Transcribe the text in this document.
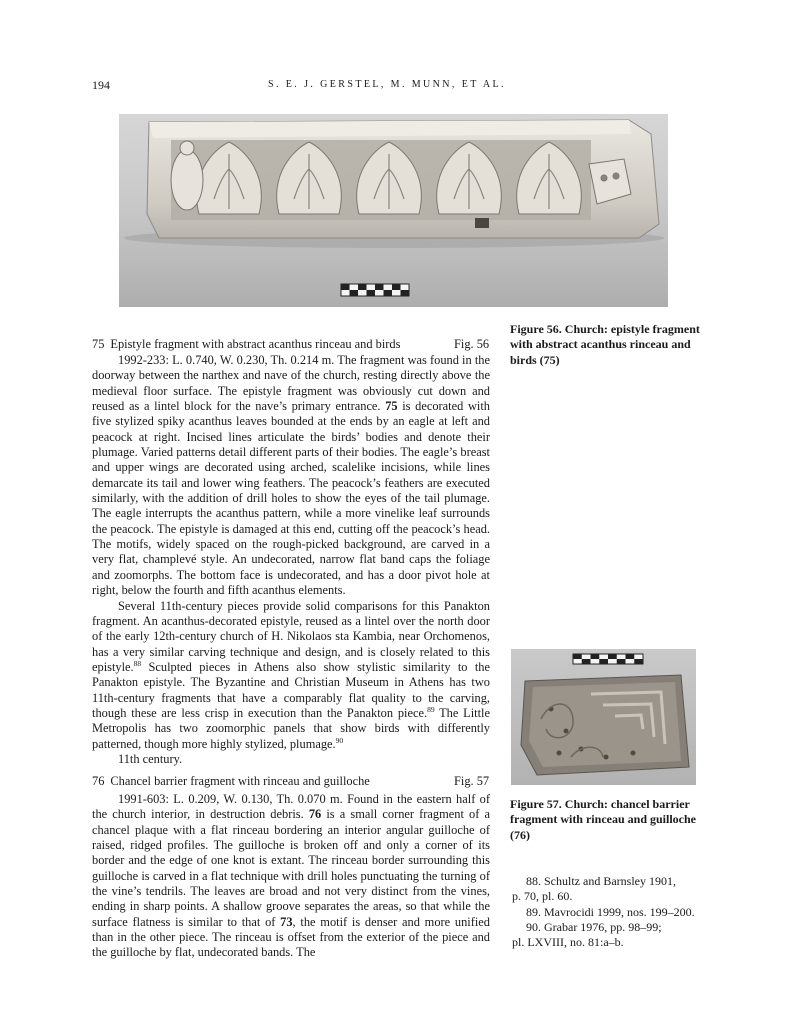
194	S. E. J. GERSTEL, M. MUNN, ET AL.
Figure 56. Church: epistyle fragment with abstract acanthus rinceau and birds (75)
75 Epistyle fragment with abstract acanthus rinceau and birds	Fig. 56

1992-233: L. 0.740, W. 0.230, Th. 0.214 m. The fragment was found in the doorway between the narthex and nave of the church, resting directly above the medieval floor surface. The epistyle fragment was obviously cut down and reused as a lintel block for the nave’s primary entrance. 75 is decorated with five stylized spiky acanthus leaves bounded at the ends by an eagle at left and peacock at right. Incised lines articulate the birds’ bodies and denote their plumage. Varied patterns detail different parts of their bodies. The eagle’s breast and upper wings are decorated using arched, scalelike incisions, while lines demarcate its tail and lower wing feathers. The peacock’s feathers are executed similarly, with the addition of drill holes to show the eyes of the tail plumage. The eagle interrupts the acanthus pattern, while a more vinelike leaf surrounds the peacock. The epistyle is damaged at this end, cutting off the peacock’s head. The motifs, widely spaced on the rough-picked background, are carved in a very flat, champlevé style. An undecorated, narrow flat band caps the foliage and zoomorphs. The bottom face is undecorated, and has a door pivot hole at right, below the fourth and fifth acanthus elements.

Several 11th-century pieces provide solid comparisons for this Panakton fragment. An acanthus-decorated epistyle, reused as a lintel over the north door of the early 12th-century church of H. Nikolaos sta Kambia, near Orchomenos, has a very similar carving technique and design, and is closely related to this epistyle.$^{88}$ Sculpted pieces in Athens also show stylistic similarity to the Panakton epistyle. The Byzantine and Christian Museum in Athens has two 11th-century fragments that have a comparably flat quality to the carving, though these are less crisp in execution than the Panakton piece.$^{89}$ The Little Metropolis has two zoomorphic panels that show birds with differently patterned, though more highly stylized, plumage.$^{90}$

11th century.

Figure 57. Church: chancel barrier fragment with rinceau and guilloche (76)
76 Chancel barrier fragment with rinceau and guilloche	Fig. 57

1991-603: L. 0.209, W. 0.130, Th. 0.070 m. Found in the eastern half of the church interior, in destruction debris. 76 is a small corner fragment of a chancel plaque with a flat rinceau bordering an interior angular guilloche of raised, ridged profiles. The guilloche is broken off and only a corner of its border and the edge of one knot is extant. The rinceau border surrounding this guilloche is carved in a flat technique with drill holes punctuating the turning of the vine’s tendrils. The leaves are broad and not very distinct from the vines, ending in sharp points. A shallow groove separates the areas, so that while the surface flatness is similar to that of 73, the motif is denser and more unified than in the other piece. The rinceau is offset from the exterior of the piece and the guilloche by flat, undecorated bands. The

88. Schultz and Barnsley 1901,

p. 70, pl. 60.

89. Mavrocidi 1999, nos. 199–200.

90. Grabar 1976, pp. 98–99;

pl. LXVIII, no. 81:a–b.
